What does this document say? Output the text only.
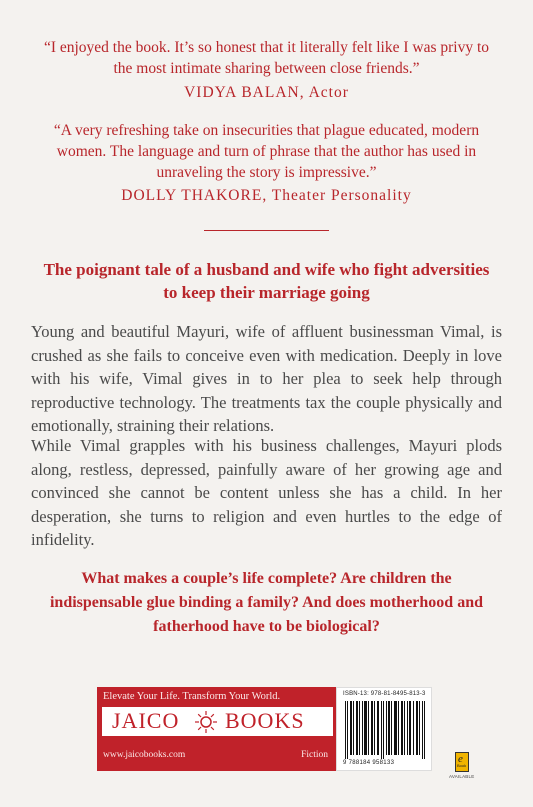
“I enjoyed the book. It’s so honest that it literally felt like I was privy to the most intimate sharing between close friends.”
VIDYA BALAN, Actor
“A very refreshing take on insecurities that plague educated, modern women. The language and turn of phrase that the author has used in unraveling the story is impressive.”
DOLLY THAKORE, Theater Personality
The poignant tale of a husband and wife who fight adversities to keep their marriage going
Young and beautiful Mayuri, wife of affluent businessman Vimal, is crushed as she fails to conceive even with medication. Deeply in love with his wife, Vimal gives in to her plea to seek help through reproductive technology. The treatments tax the couple physically and emotionally, straining their relations.
While Vimal grapples with his business challenges, Mayuri plods along, restless, depressed, painfully aware of her growing age and convinced she cannot be content unless she has a child. In her desperation, she turns to religion and even hurtles to the edge of infidelity.
What makes a couple’s life complete? Are children the indispensable glue binding a family? And does motherhood and fatherhood have to be biological?
Elevate Your Life. Transform Your World.
JAICO BOOKS
www.jaicobooks.com	Fiction
ISBN-13: 978-81-8495-813-3
9 788184 958133	e
Book
AVAILABLE
